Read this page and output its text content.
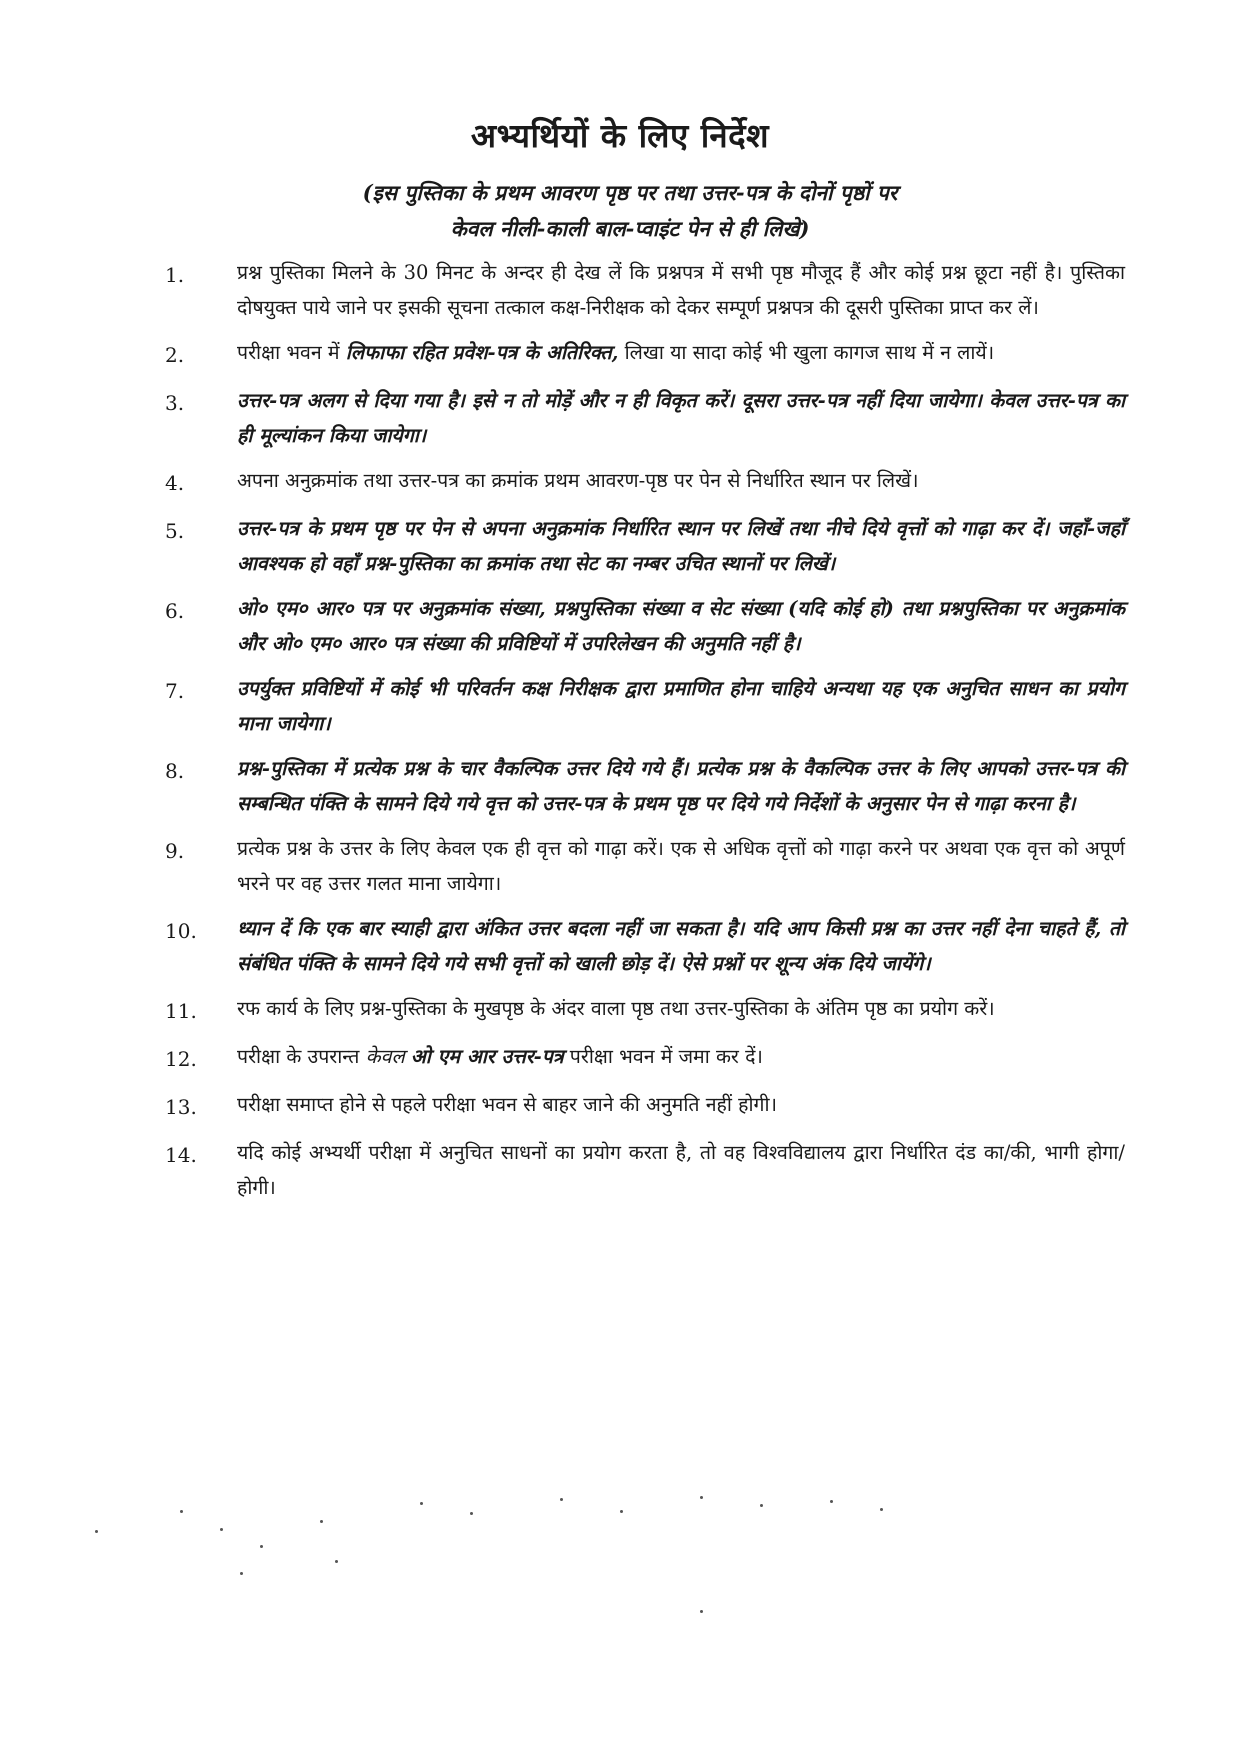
अभ्यर्थियों के लिए निर्देश
(इस पुस्तिका के प्रथम आवरण पृष्ठ पर तथा उत्तर-पत्र के दोनों पृष्ठों पर
केवल नीली-काली बाल-प्वाइंट पेन से ही लिखे)
1.	प्रश्न पुस्तिका मिलने के 30 मिनट के अन्दर ही देख लें कि प्रश्नपत्र में सभी पृष्ठ मौजूद हैं और कोई प्रश्न छूटा नहीं है। पुस्तिका दोषयुक्त पाये जाने पर इसकी सूचना तत्काल कक्ष-निरीक्षक को देकर सम्पूर्ण प्रश्नपत्र की दूसरी पुस्तिका प्राप्त कर लें।
2.	परीक्षा भवन में लिफाफा रहित प्रवेश-पत्र के अतिरिक्त, लिखा या सादा कोई भी खुला कागज साथ में न लायें।
3.	उत्तर-पत्र अलग से दिया गया है। इसे न तो मोड़ें और न ही विकृत करें। दूसरा उत्तर-पत्र नहीं दिया जायेगा। केवल उत्तर-पत्र का ही मूल्यांकन किया जायेगा।
4.	अपना अनुक्रमांक तथा उत्तर-पत्र का क्रमांक प्रथम आवरण-पृष्ठ पर पेन से निर्धारित स्थान पर लिखें।
5.	उत्तर-पत्र के प्रथम पृष्ठ पर पेन से अपना अनुक्रमांक निर्धारित स्थान पर लिखें तथा नीचे दिये वृत्तों को गाढ़ा कर दें। जहाँ-जहाँ आवश्यक हो वहाँ प्रश्न-पुस्तिका का क्रमांक तथा सेट का नम्बर उचित स्थानों पर लिखें।
6.	ओ० एम० आर० पत्र पर अनुक्रमांक संख्या, प्रश्नपुस्तिका संख्या व सेट संख्या (यदि कोई हो) तथा प्रश्नपुस्तिका पर अनुक्रमांक और ओ० एम० आर० पत्र संख्या की प्रविष्टियों में उपरिलेखन की अनुमति नहीं है।
7.	उपर्युक्त प्रविष्टियों में कोई भी परिवर्तन कक्ष निरीक्षक द्वारा प्रमाणित होना चाहिये अन्यथा यह एक अनुचित साधन का प्रयोग माना जायेगा।
8.	प्रश्न-पुस्तिका में प्रत्येक प्रश्न के चार वैकल्पिक उत्तर दिये गये हैं। प्रत्येक प्रश्न के वैकल्पिक उत्तर के लिए आपको उत्तर-पत्र की सम्बन्धित पंक्ति के सामने दिये गये वृत्त को उत्तर-पत्र के प्रथम पृष्ठ पर दिये गये निर्देशों के अनुसार पेन से गाढ़ा करना है।
9.	प्रत्येक प्रश्न के उत्तर के लिए केवल एक ही वृत्त को गाढ़ा करें। एक से अधिक वृत्तों को गाढ़ा करने पर अथवा एक वृत्त को अपूर्ण भरने पर वह उत्तर गलत माना जायेगा।
10.	ध्यान दें कि एक बार स्याही द्वारा अंकित उत्तर बदला नहीं जा सकता है। यदि आप किसी प्रश्न का उत्तर नहीं देना चाहते हैं, तो संबंधित पंक्ति के सामने दिये गये सभी वृत्तों को खाली छोड़ दें। ऐसे प्रश्नों पर शून्य अंक दिये जायेंगे।
11.	रफ कार्य के लिए प्रश्न-पुस्तिका के मुखपृष्ठ के अंदर वाला पृष्ठ तथा उत्तर-पुस्तिका के अंतिम पृष्ठ का प्रयोग करें।
12.	परीक्षा के उपरान्त केवल ओ एम आर उत्तर-पत्र परीक्षा भवन में जमा कर दें।
13.	परीक्षा समाप्त होने से पहले परीक्षा भवन से बाहर जाने की अनुमति नहीं होगी।
14.	यदि कोई अभ्यर्थी परीक्षा में अनुचित साधनों का प्रयोग करता है, तो वह विश्वविद्यालय द्वारा निर्धारित दंड का/की, भागी होगा/होगी।
